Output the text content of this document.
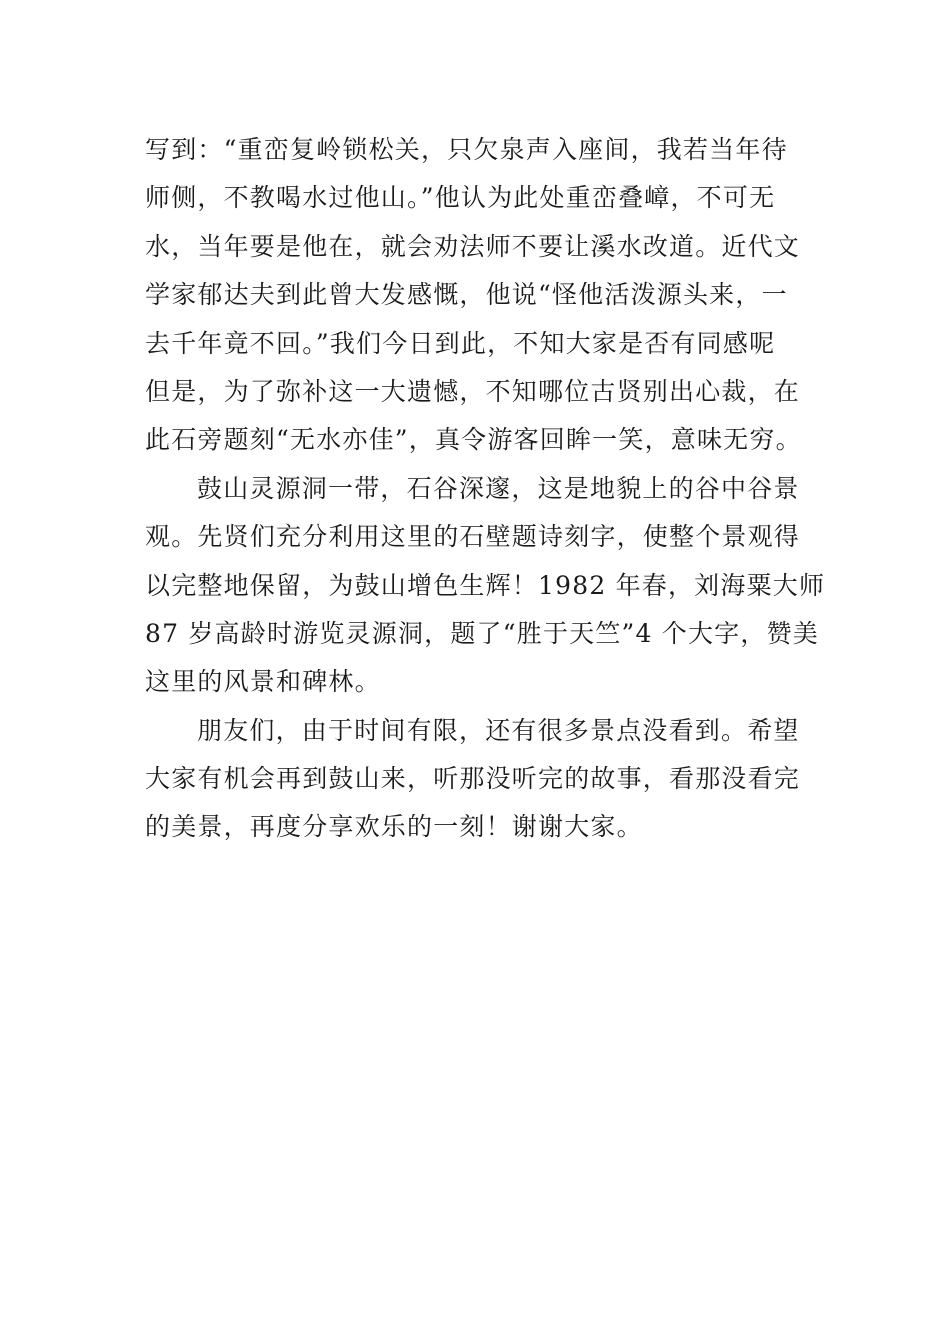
写到：“重峦复岭锁松关，只欠泉声入座间，我若当年待
师侧，不教喝水过他山。”他认为此处重峦叠嶂，不可无
水，当年要是他在，就会劝法师不要让溪水改道。近代文
学家郁达夫到此曾大发感慨，他说“怪他活泼源头来，一
去千年竟不回。”我们今日到此，不知大家是否有同感呢
但是，为了弥补这一大遗憾，不知哪位古贤别出心裁，在
此石旁题刻“无水亦佳”，真令游客回眸一笑，意味无穷。
鼓山灵源洞一带，石谷深邃，这是地貌上的谷中谷景
观。先贤们充分利用这里的石壁题诗刻字，使整个景观得
以完整地保留，为鼓山增色生辉！1982 年春，刘海粟大师
87 岁高龄时游览灵源洞，题了“胜于天竺”4 个大字，赞美
这里的风景和碑林。
朋友们，由于时间有限，还有很多景点没看到。希望
大家有机会再到鼓山来，听那没听完的故事，看那没看完
的美景，再度分享欢乐的一刻！谢谢大家。
